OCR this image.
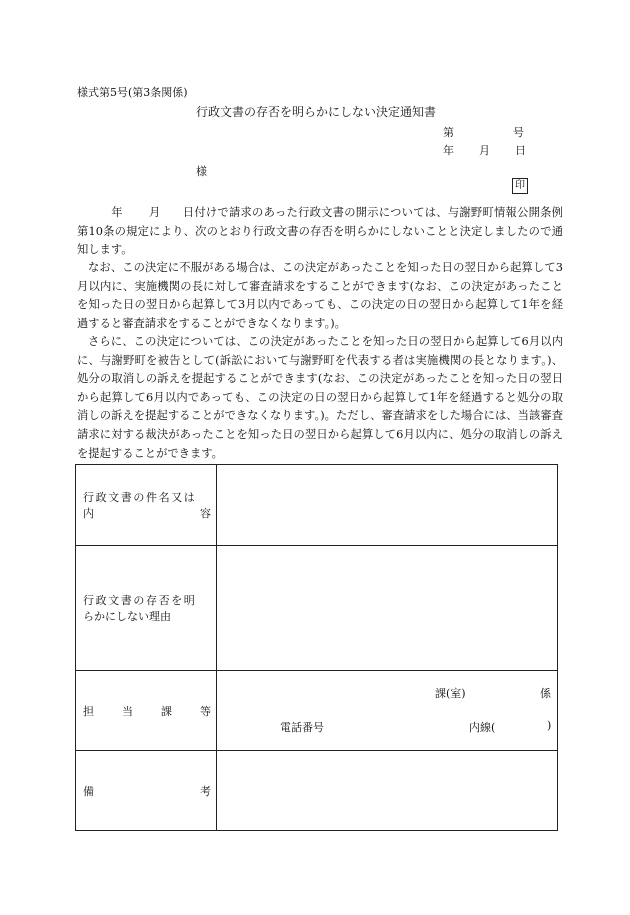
様式第5号(第3条関係)
行政文書の存否を明らかにしない決定通知書
第	号
年 月 日
様
印
年 月 日付けで請求のあった行政文書の開示については、与謝野町情報公開条例第10条の規定により、次のとおり行政文書の存否を明らかにしないことと決定しましたので通知します。
なお、この決定に不服がある場合は、この決定があったことを知った日の翌日から起算して3月以内に、実施機関の長に対して審査請求をすることができます(なお、この決定があったことを知った日の翌日から起算して3月以内であっても、この決定の日の翌日から起算して1年を経過すると審査請求をすることができなくなります。)。
さらに、この決定については、この決定があったことを知った日の翌日から起算して6月以内に、与謝野町を被告として(訴訟において与謝野町を代表する者は実施機関の長となります。)、処分の取消しの訴えを提起することができます(なお、この決定があったことを知った日の翌日から起算して6月以内であっても、この決定の日の翌日から起算して1年を経過すると処分の取消しの訴えを提起することができなくなります。)。ただし、審査請求をした場合には、当該審査請求に対する裁決があったことを知った日の翌日から起算して6月以内に、処分の取消しの訴えを提起することができます。
行政文書の件名又は
内 容	

行政文書の存否を明
らかにしない理由	

担 当 課 等	課(室) 係
電話番号 内線( )

備 考	
